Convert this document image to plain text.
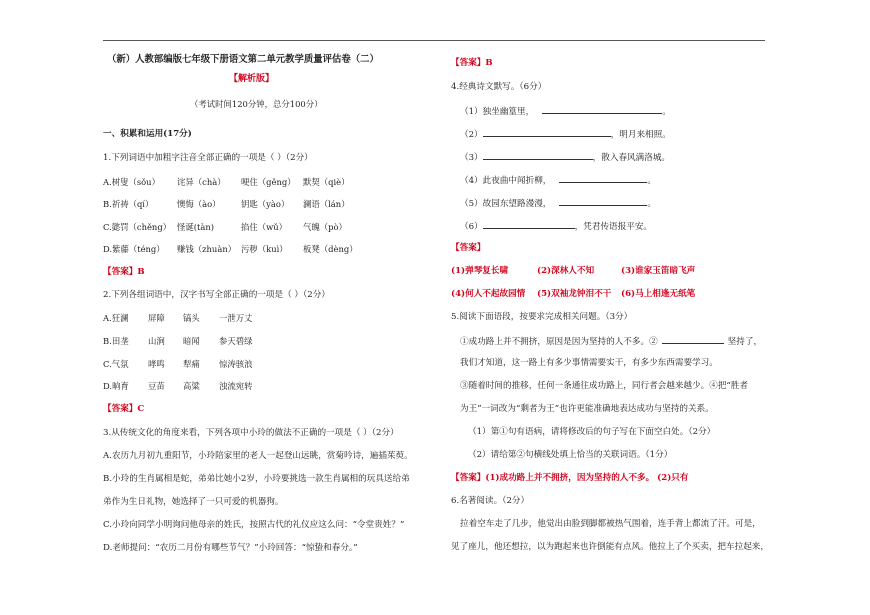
（新）人教部编版七年级下册语文第二单元教学质量评估卷（二）
【解析版】
（考试时间120分钟，总分100分）
一、积累和运用(17分)
1.下列词语中加粗字注音全部正确的一项是（ ）（2分）
A.树叟（sǒu） 诧异（chà） 哽住（gěng） 默契（qiè）
B.祈祷（qí）	懊悔（ào） 钥匙（yào） 澜语（lán）
C.懿罚（chěng） 怪诞(tàn)	掐住（wǔ） 气魄（pò）
D.紫藤（téng） 赚钱（zhuàn） 污秽（kuì） 板凳（dèng）
【答案】B
2.下列各组词语中，汉字书写全部正确的一项是（ ）（2分）
A.狂澜 屏障 镐头 一泄万丈
B.田垄 山涧 暗闻 参天碧绿
C.气氛 哮鸣 犁痛 惊涛骇浪
D.晌育 豆苗 高粱 浊流宛转
【答案】C
3.从传统文化的角度来看，下列各项中小玲的做法不正确的一项是（ ）（2分）
A.农历九月初九重阳节，小玲陪家里的老人一起登山远眺，赏菊吟诗，遍插茱萸。
B.小玲的生肖属相是蛇，弟弟比她小2岁，小玲要挑选一款生肖属相的玩具送给弟
弟作为生日礼物，她选择了一只可爱的机器狗。
C.小玲向同学小明询问他母亲的姓氏，按照古代的礼仪应这么问：“令堂贵姓？”
D.老师提问：“农历二月份有哪些节气？”小玲回答：“惊蛰和春分。”
【答案】B
4.经典诗文默写。（6分）
（1）独坐幽篁里，	。
（2）	，明月来相照。
（3）	，散入春风满洛城。
（4）此夜曲中闻折柳，	。
（5）故园东望路漫漫，	。
（6）	，凭君传语报平安。
【答案】
(1)弹琴复长啸	(2)深林人不知	(3)谁家玉笛暗飞声
(4)何人不起故园情 (5)双袖龙钟泪不干 (6)马上相逢无纸笔
5.阅读下面语段，按要求完成相关问题。（3分）
①成功路上并不拥挤，原因是因为坚持的人不多。②	坚持了，
我们才知道，这一路上有多少事情需要实干，有多少东西需要学习。
③随着时间的推移，任何一条通往成功路上，同行者会越来越少。④把“胜者
为王”一词改为“剩者为王”也许更能准确地表达成功与坚持的关系。
（1）第①句有语病，请将修改后的句子写在下面空白处。（2分）
（2）请给第②句横线处填上恰当的关联词语。（1分）
【答案】(1)成功路上并不拥挤，因为坚持的人不多。 (2)只有
6.名著阅读。（2分）
拉着空车走了几步，他觉出由脸到脚都被热气围着，连手背上都流了汗。可是，
见了座儿，他还想拉，以为跑起来也许倒能有点风。他拉上了个买卖，把车拉起来，
